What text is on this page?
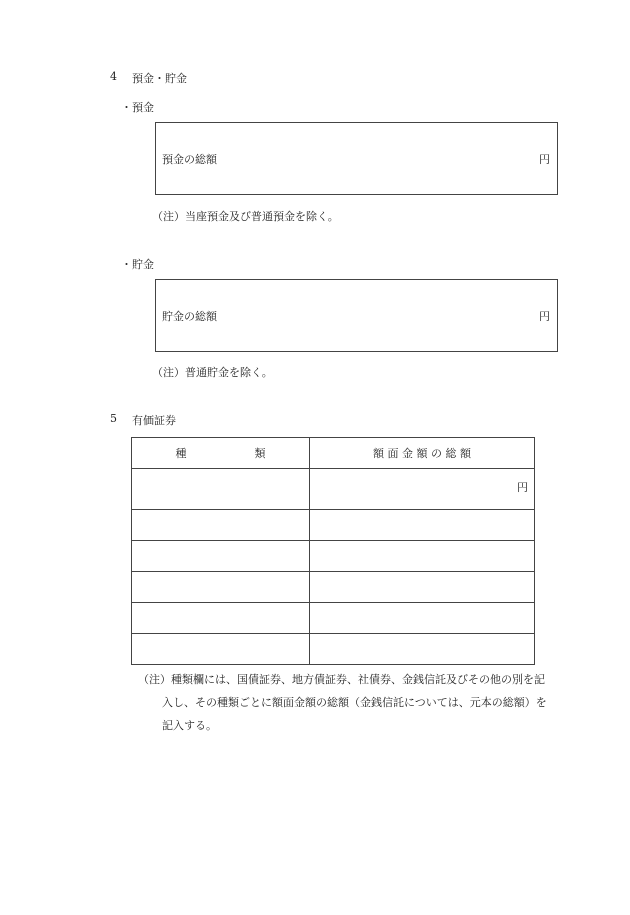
4 預金・貯金
・預金
預金の総額	円
（注）当座預金及び普通預金を除く。
・貯金
貯金の総額	円
（注）普通貯金を除く。
5 有価証券
種 類	額 面 金 額 の 総 額
	円

（注）種類欄には、国債証券、地方債証券、社債券、金銭信託及びその他の別を記
入し、その種類ごとに額面金額の総額（金銭信託については、元本の総額）を
記入する。
